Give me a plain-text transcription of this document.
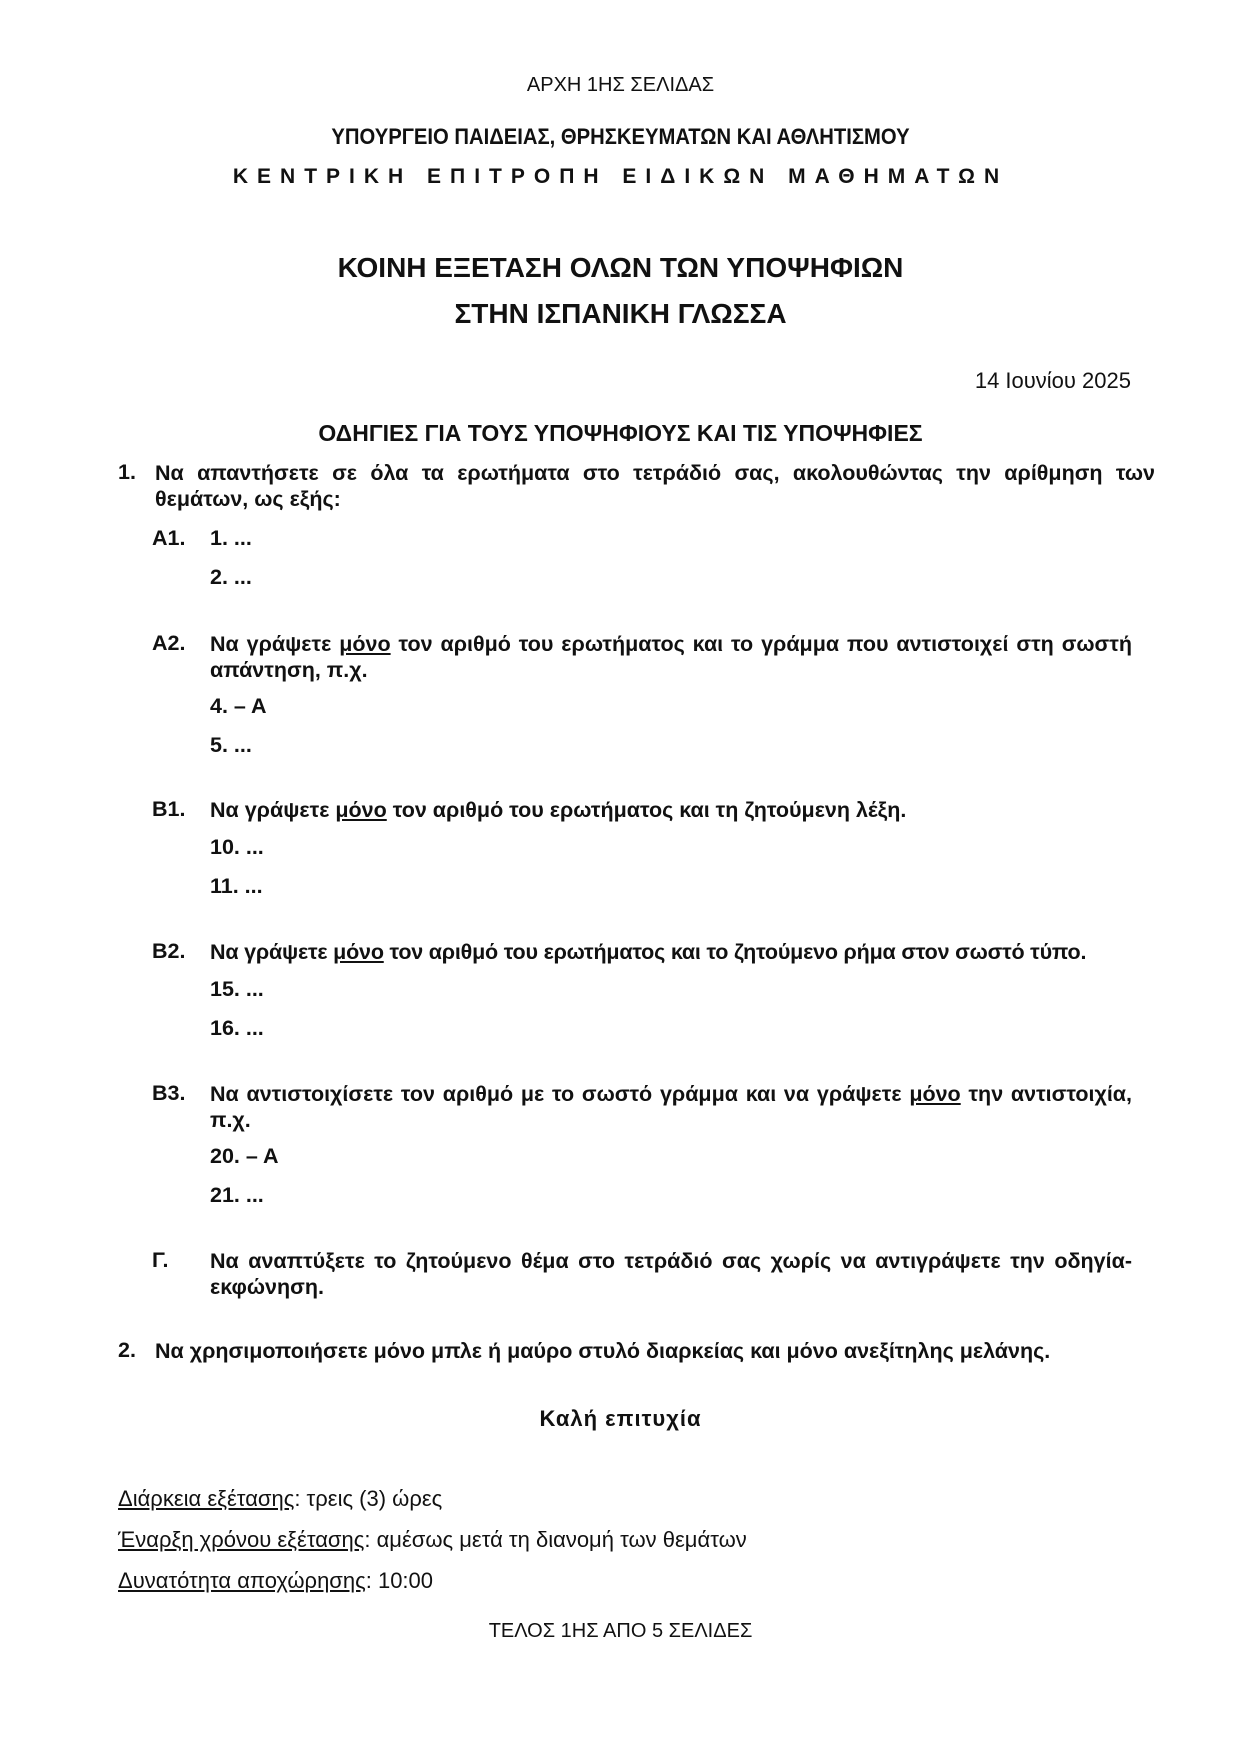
ΑΡΧΗ 1ΗΣ ΣΕΛΙΔΑΣ
ΥΠΟΥΡΓΕΙΟ ΠΑΙΔΕΙΑΣ, ΘΡΗΣΚΕΥΜΑΤΩΝ ΚΑΙ ΑΘΛΗΤΙΣΜΟΥ
ΚΕΝΤΡΙΚΗ ΕΠΙΤΡΟΠΗ ΕΙΔΙΚΩΝ ΜΑΘΗΜΑΤΩΝ
ΚΟΙΝΗ ΕΞΕΤΑΣΗ ΟΛΩΝ ΤΩΝ ΥΠΟΨΗΦΙΩΝ
ΣΤΗΝ ΙΣΠΑΝΙΚΗ ΓΛΩΣΣΑ
14 Ιουνίου 2025
ΟΔΗΓΙΕΣ ΓΙΑ ΤΟΥΣ ΥΠΟΨΗΦΙΟΥΣ ΚΑΙ ΤΙΣ ΥΠΟΨΗΦΙΕΣ
1. Να απαντήσετε σε όλα τα ερωτήματα στο τετράδιό σας, ακολουθώντας την αρίθμηση των θεμάτων, ως εξής:
Α1.	1. ...
2. ...
Α2.	Να γράψετε μόνο τον αριθμό του ερωτήματος και το γράμμα που αντιστοιχεί στη σωστή απάντηση, π.χ.
4. – Α
5. ...
Β1.	Να γράψετε μόνο τον αριθμό του ερωτήματος και τη ζητούμενη λέξη.
10. ...
11. ...
Β2.	Να γράψετε μόνο τον αριθμό του ερωτήματος και το ζητούμενο ρήμα στον σωστό τύπο.
15. ...
16. ...
Β3.	Να αντιστοιχίσετε τον αριθμό με το σωστό γράμμα και να γράψετε μόνο την αντιστοιχία, π.χ.
20. – Α
21. ...
Γ.	Να αναπτύξετε το ζητούμενο θέμα στο τετράδιό σας χωρίς να αντιγράψετε την οδηγία-εκφώνηση.
2. Να χρησιμοποιήσετε μόνο μπλε ή μαύρο στυλό διαρκείας και μόνο ανεξίτηλης μελάνης.
Καλή επιτυχία
Διάρκεια εξέτασης: τρεις (3) ώρες
Έναρξη χρόνου εξέτασης: αμέσως μετά τη διανομή των θεμάτων
Δυνατότητα αποχώρησης: 10:00
ΤΕΛΟΣ 1ΗΣ ΑΠΟ 5 ΣΕΛΙΔΕΣ
